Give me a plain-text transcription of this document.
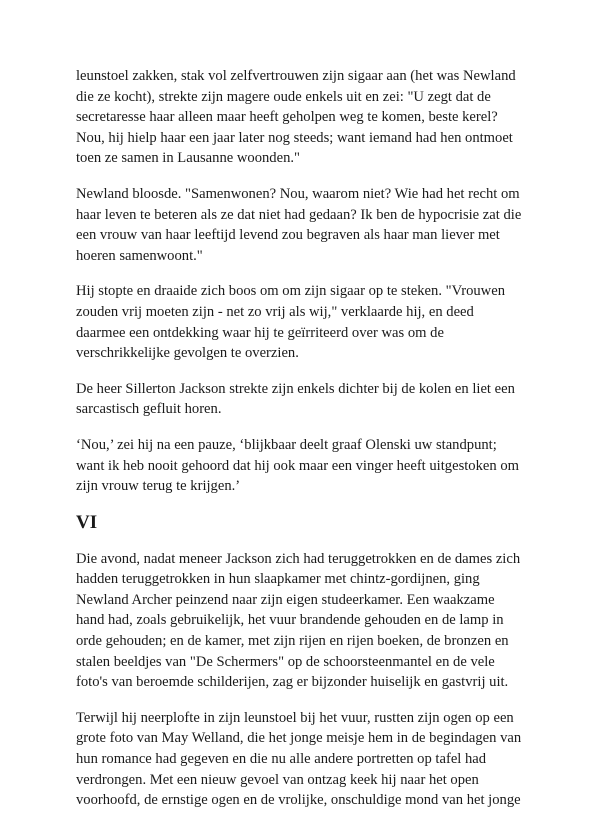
leunstoel zakken, stak vol zelfvertrouwen zijn sigaar aan (het was Newland
die ze kocht), strekte zijn magere oude enkels uit en zei: "U zegt dat de
secretaresse haar alleen maar heeft geholpen weg te komen, beste kerel?
Nou, hij hielp haar een jaar later nog steeds; want iemand had hen ontmoet
toen ze samen in Lausanne woonden."

Newland bloosde. "Samenwonen? Nou, waarom niet? Wie had het recht om
haar leven te beteren als ze dat niet had gedaan? Ik ben de hypocrisie zat die
een vrouw van haar leeftijd levend zou begraven als haar man liever met
hoeren samenwoont."

Hij stopte en draaide zich boos om om zijn sigaar op te steken. "Vrouwen
zouden vrij moeten zijn - net zo vrij als wij," verklaarde hij, en deed
daarmee een ontdekking waar hij te geïrriteerd over was om de
verschrikkelijke gevolgen te overzien.

De heer Sillerton Jackson strekte zijn enkels dichter bij de kolen en liet een
sarcastisch gefluit horen.

‘Nou,’ zei hij na een pauze, ‘blijkbaar deelt graaf Olenski uw standpunt;
want ik heb nooit gehoord dat hij ook maar een vinger heeft uitgestoken om
zijn vrouw terug te krijgen.’

VI

Die avond, nadat meneer Jackson zich had teruggetrokken en de dames zich
hadden teruggetrokken in hun slaapkamer met chintz-gordijnen, ging
Newland Archer peinzend naar zijn eigen studeerkamer. Een waakzame
hand had, zoals gebruikelijk, het vuur brandende gehouden en de lamp in
orde gehouden; en de kamer, met zijn rijen en rijen boeken, de bronzen en
stalen beeldjes van "De Schermers" op de schoorsteenmantel en de vele
foto's van beroemde schilderijen, zag er bijzonder huiselijk en gastvrij uit.

Terwijl hij neerplofte in zijn leunstoel bij het vuur, rustten zijn ogen op een
grote foto van May Welland, die het jonge meisje hem in de begindagen van
hun romance had gegeven en die nu alle andere portretten op tafel had
verdrongen. Met een nieuw gevoel van ontzag keek hij naar het open
voorhoofd, de ernstige ogen en de vrolijke, onschuldige mond van het jonge
